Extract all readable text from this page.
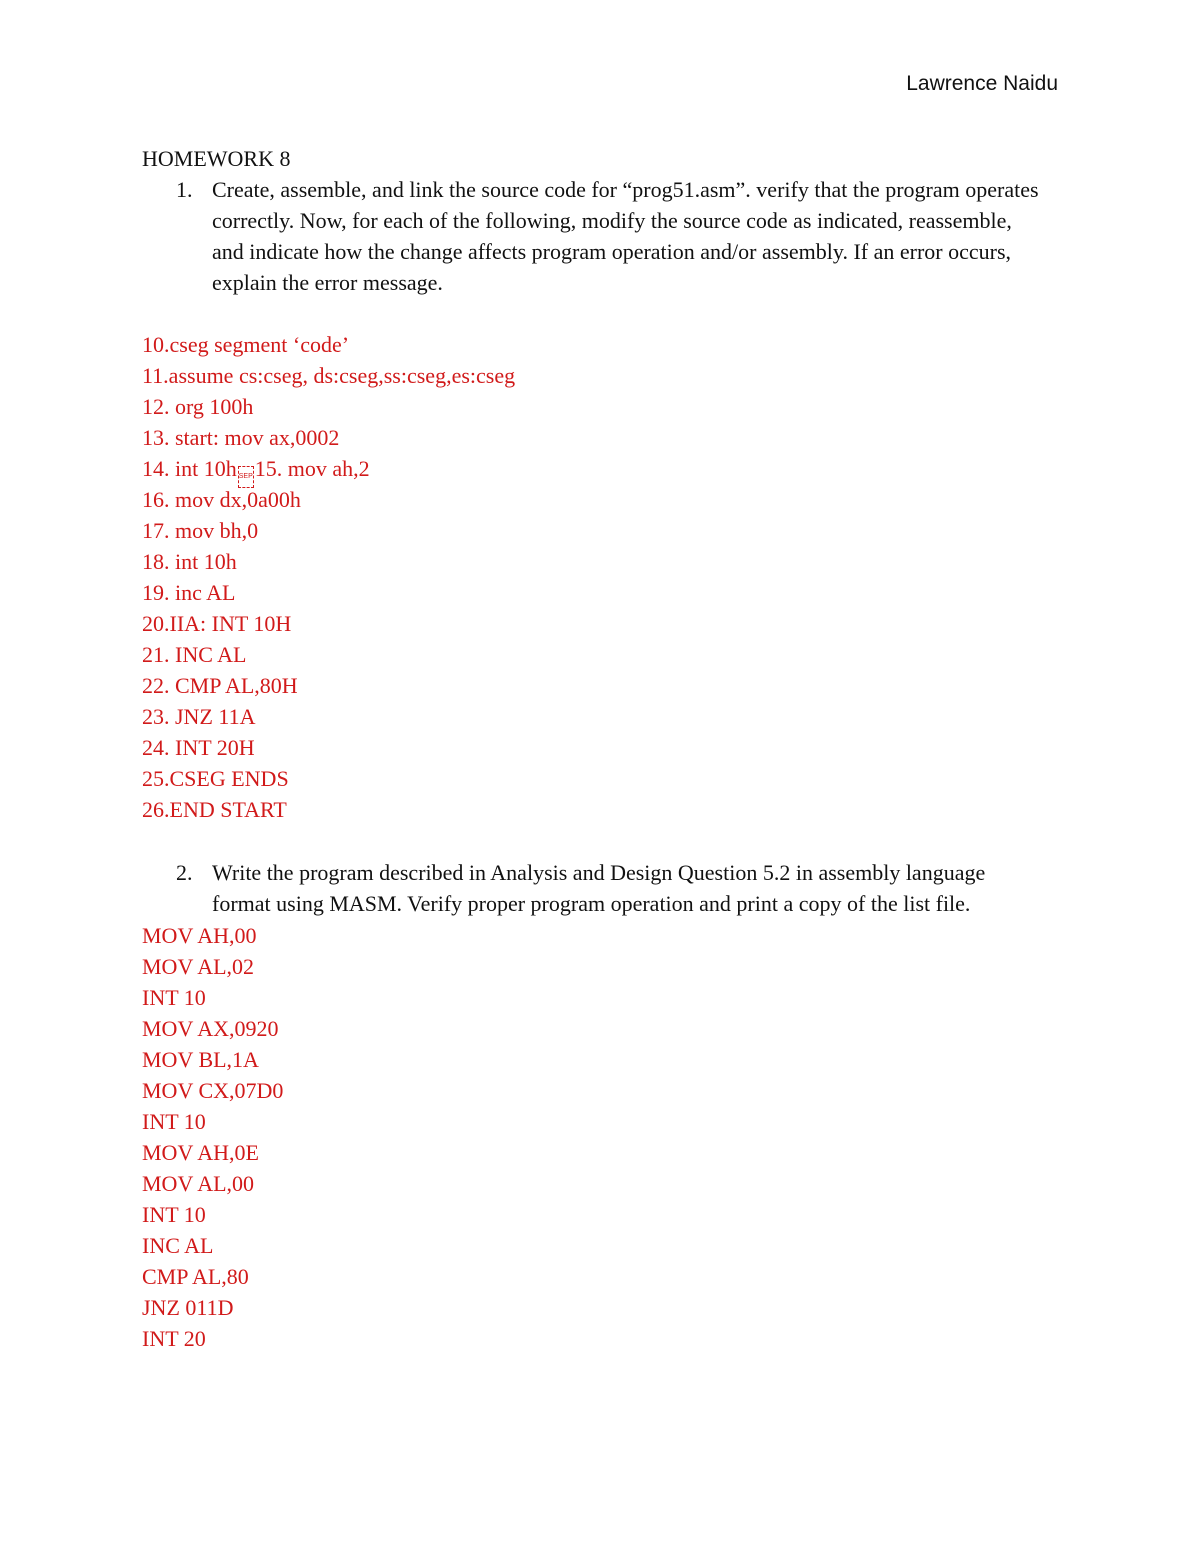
Lawrence Naidu
HOMEWORK 8
1. Create, assemble, and link the source code for “prog51.asm”. verify that the program operates correctly. Now, for each of the following, modify the source code as indicated, reassemble, and indicate how the change affects program operation and/or assembly. If an error occurs, explain the error message.
10.cseg segment ‘code’
11.assume cs:cseg, ds:cseg,ss:cseg,es:cseg
12. org 100h
13. start: mov ax,0002
14. int 10h SEP15. mov ah,2
16. mov dx,0a00h
17. mov bh,0
18. int 10h
19. inc AL
20.IIA: INT 10H
21. INC AL
22. CMP AL,80H
23. JNZ 11A
24. INT 20H
25.CSEG ENDS
26.END START
2. Write the program described in Analysis and Design Question 5.2 in assembly language format using MASM. Verify proper program operation and print a copy of the list file.
MOV AH,00
MOV AL,02
INT 10
MOV AX,0920
MOV BL,1A
MOV CX,07D0
INT 10
MOV AH,0E
MOV AL,00
INT 10
INC AL
CMP AL,80
JNZ 011D
INT 20
